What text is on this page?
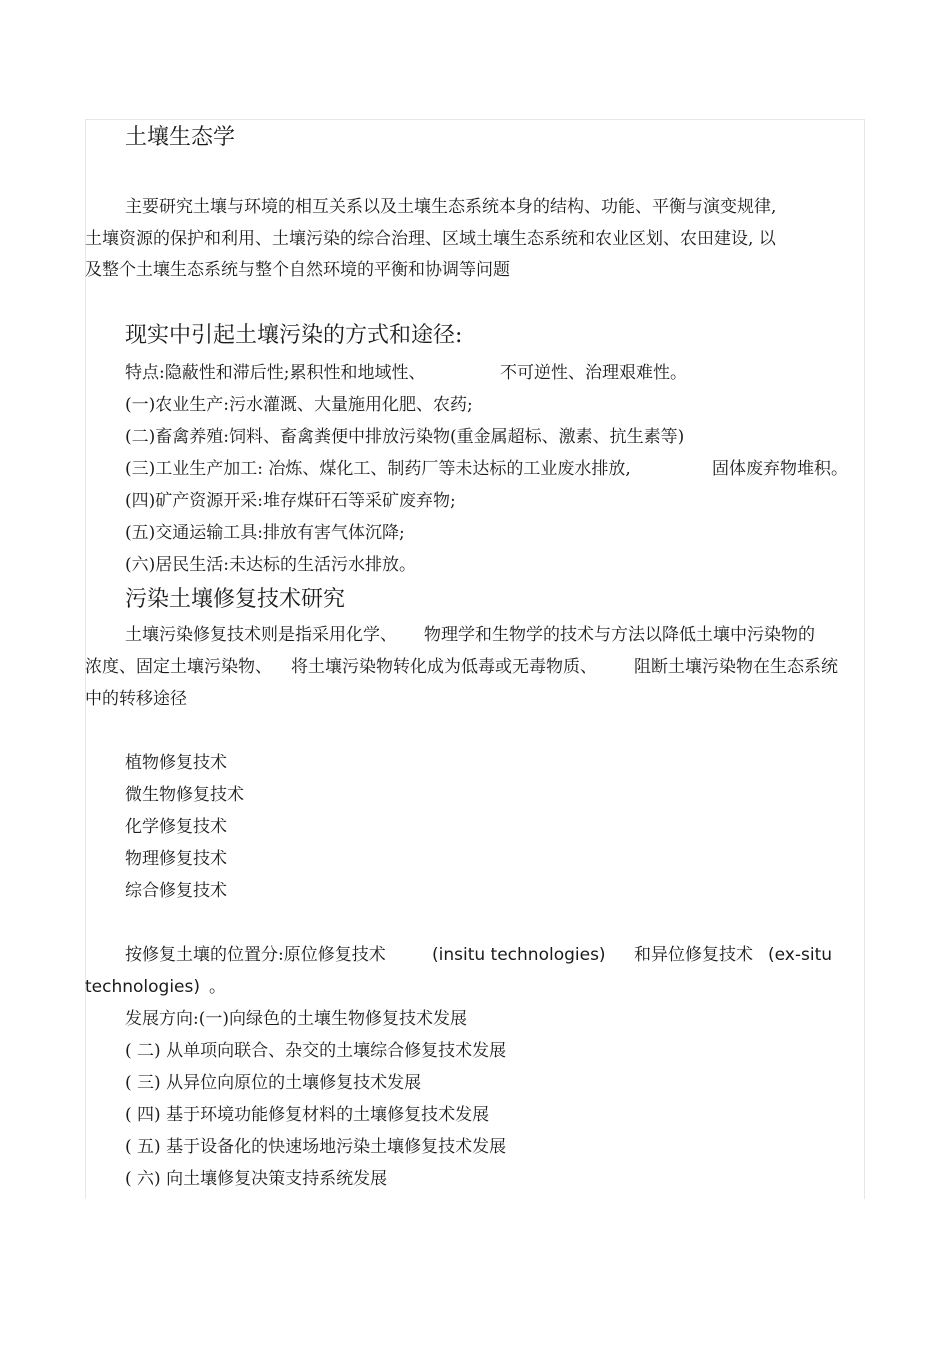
土壤生态学
主要研究土壤与环境的相互关系以及土壤生态系统本身的结构、功能、平衡与演变规律,
土壤资源的保护和利用、土壤污染的综合治理、区域土壤生态系统和农业区划、农田建设, 以
及整个土壤生态系统与整个自然环境的平衡和协调等问题
现实中引起土壤污染的方式和途径:
特点:隐蔽性和滞后性;累积性和地域性、	不可逆性、治理艰难性。
(一)农业生产:污水灌溉、大量施用化肥、农药;
(二)畜禽养殖:饲料、畜禽粪便中排放污染物(重金属超标、激素、抗生素等)
(三)工业生产加工: 冶炼、煤化工、制药厂等未达标的工业废水排放,	固体废弃物堆积。
(四)矿产资源开采:堆存煤矸石等采矿废弃物;
(五)交通运输工具:排放有害气体沉降;
(六)居民生活:未达标的生活污水排放。
污染土壤修复技术研究
土壤污染修复技术则是指采用化学、 物理学和生物学的技术与方法以降低土壤中污染物的
浓度、固定土壤污染物、 将土壤污染物转化成为低毒或无毒物质、 阻断土壤污染物在生态系统
中的转移途径
植物修复技术
微生物修复技术
化学修复技术
物理修复技术
综合修复技术
按修复土壤的位置分:原位修复技术	(insitu technologies) 和异位修复技术 (ex-situ
technologies) 。
发展方向:(一)向绿色的土壤生物修复技术发展
( 二) 从单项向联合、杂交的土壤综合修复技术发展
( 三) 从异位向原位的土壤修复技术发展
( 四) 基于环境功能修复材料的土壤修复技术发展
( 五) 基于设备化的快速场地污染土壤修复技术发展
( 六) 向土壤修复决策支持系统发展
